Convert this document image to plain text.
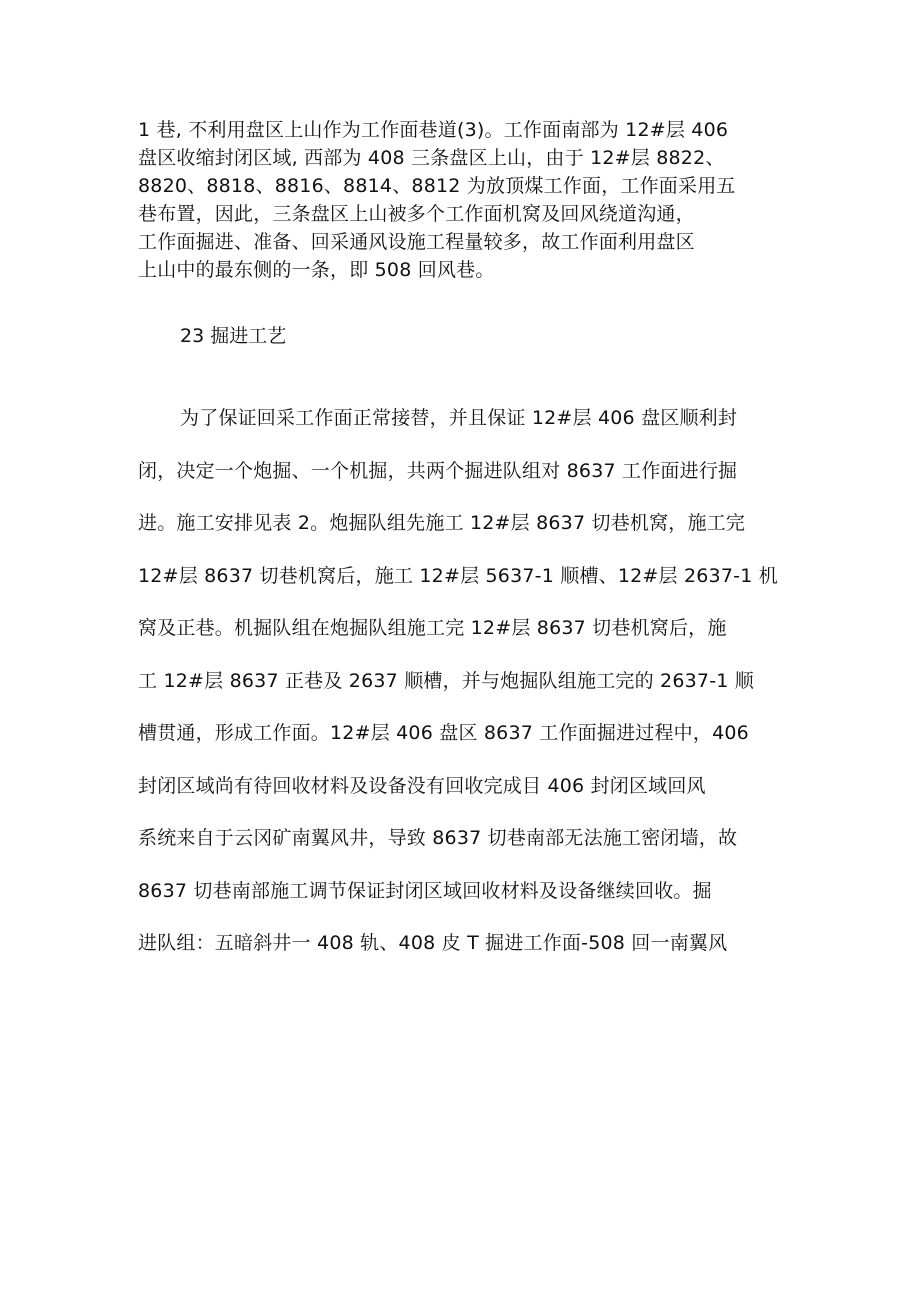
1 巷, 不利用盘区上山作为工作面巷道(3)。工作面南部为 12#层 406
盘区收缩封闭区域, 西部为 408 三条盘区上山，由于 12#层 8822、
8820、8818、8816、8814、8812 为放顶煤工作面，工作面采用五
巷布置，因此，三条盘区上山被多个工作面机窝及回风绕道沟通，
工作面掘进、准备、回采通风设施工程量较多，故工作面利用盘区
上山中的最东侧的一条，即 508 回风巷。
23 掘进工艺
为了保证回采工作面正常接替，并且保证 12#层 406 盘区顺利封
闭，决定一个炮掘、一个机掘，共两个掘进队组对 8637 工作面进行掘
进。施工安排见表 2。炮掘队组先施工 12#层 8637 切巷机窝，施工完
12#层 8637 切巷机窝后，施工 12#层 5637-1 顺槽、12#层 2637-1 机
窝及正巷。机掘队组在炮掘队组施工完 12#层 8637 切巷机窝后，施
工 12#层 8637 正巷及 2637 顺槽，并与炮掘队组施工完的 2637-1 顺
槽贯通，形成工作面。12#层 406 盘区 8637 工作面掘进过程中，406
封闭区域尚有待回收材料及设备没有回收完成目 406 封闭区域回风
系统来自于云冈矿南翼风井，导致 8637 切巷南部无法施工密闭墙，故
8637 切巷南部施工调节保证封闭区域回收材料及设备继续回收。掘
进队组：五暗斜井一 408 轨、408 皮 T 掘进工作面-508 回一南翼风
